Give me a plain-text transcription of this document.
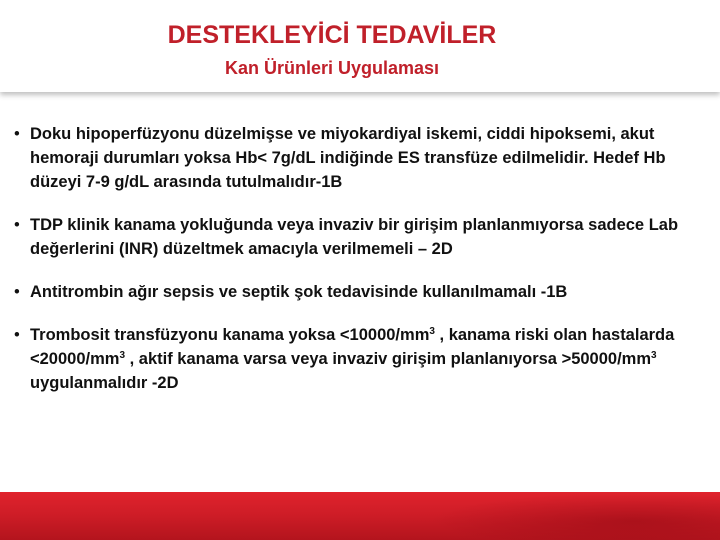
DESTEKLEYİCİ TEDAVİLER
Kan Ürünleri Uygulaması
• Doku hipoperfüzyonu düzelmişse ve miyokardiyal iskemi, ciddi hipoksemi, akut hemoraji durumları yoksa Hb< 7g/dL indiğinde ES transfüze edilmelidir. Hedef Hb düzeyi 7-9 g/dL arasında tutulmalıdır-1B
• TDP klinik kanama yokluğunda veya invaziv bir girişim planlanmıyorsa sadece Lab değerlerini (INR) düzeltmek amacıyla verilmemeli – 2D
• Antitrombin ağır sepsis ve septik şok tedavisinde kullanılmamalı -1B
• Trombosit transfüzyonu kanama yoksa $<10000/mm^3$ , kanama riski olan hastalarda $<20000/mm^3$ , aktif kanama varsa veya invaziv girişim planlanıyorsa $>50000/mm^3$ uygulanmalıdır -2D
